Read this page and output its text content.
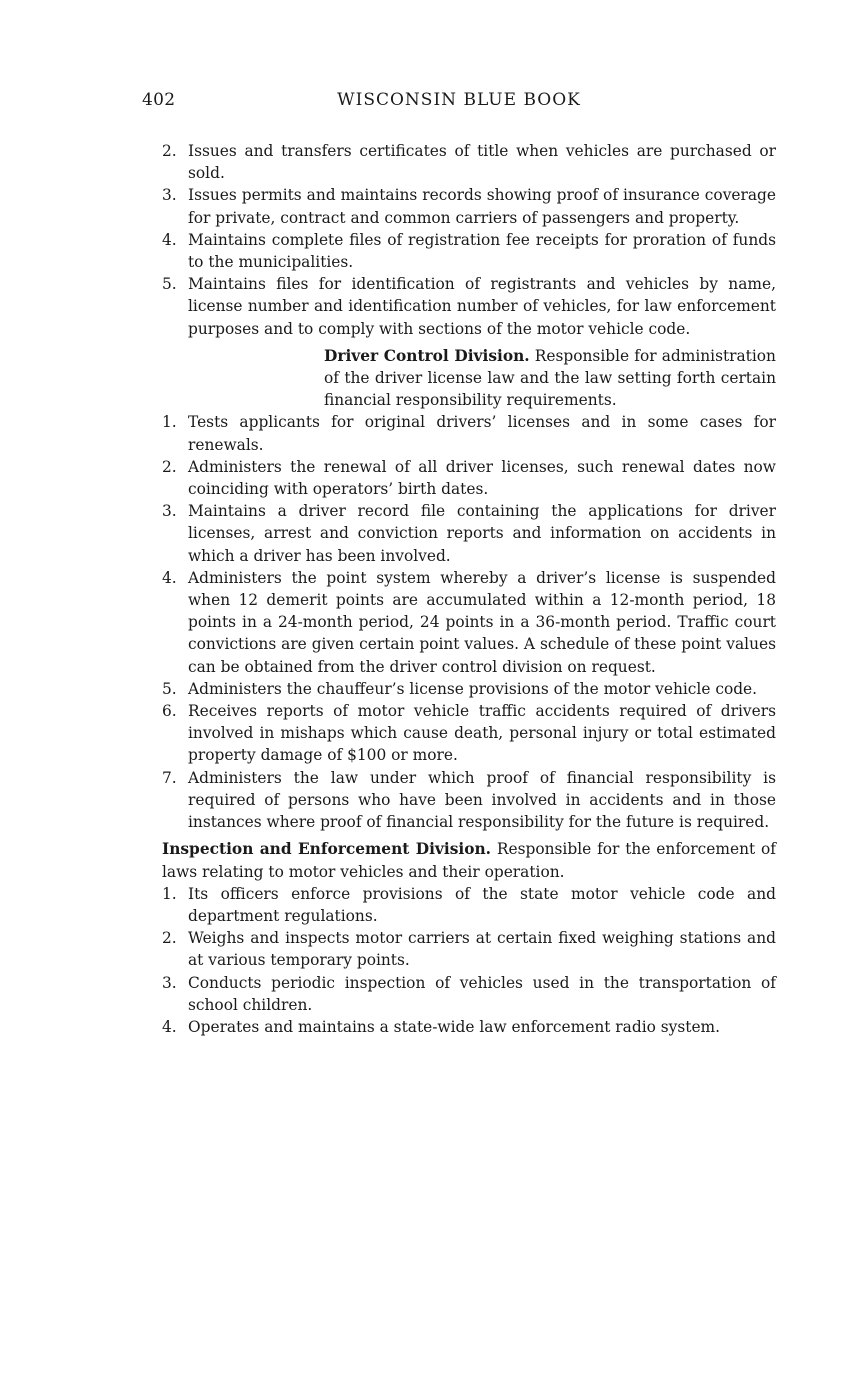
402	WISCONSIN BLUE BOOK
2. Issues and transfers certificates of title when vehicles are purchased or sold.
3. Issues permits and maintains records showing proof of insurance coverage for private, contract and common carriers of passengers and property.
4. Maintains complete files of registration fee receipts for proration of funds to the municipalities.
5. Maintains files for identification of registrants and vehicles by name, license number and identification number of vehicles, for law enforcement purposes and to comply with sections of the motor vehicle code.

Driver Control Division. Responsible for administration of the driver license law and the law setting forth certain financial responsibility requirements.

1. Tests applicants for original drivers’ licenses and in some cases for renewals.
2. Administers the renewal of all driver licenses, such renewal dates now coinciding with operators’ birth dates.
3. Maintains a driver record file containing the applications for driver licenses, arrest and conviction reports and information on accidents in which a driver has been involved.
4. Administers the point system whereby a driver’s license is suspended when 12 demerit points are accumulated within a 12-month period, 18 points in a 24-month period, 24 points in a 36-month period. Traffic court convictions are given certain point values. A schedule of these point values can be obtained from the driver control division on request.
5. Administers the chauffeur’s license provisions of the motor vehicle code.
6. Receives reports of motor vehicle traffic accidents required of drivers involved in mishaps which cause death, personal injury or total estimated property damage of $100 or more.
7. Administers the law under which proof of financial responsibility is required of persons who have been involved in accidents and in those instances where proof of financial responsibility for the future is required.

Inspection and Enforcement Division. Responsible for the enforcement of laws relating to motor vehicles and their operation.

1. Its officers enforce provisions of the state motor vehicle code and department regulations.
2. Weighs and inspects motor carriers at certain fixed weighing stations and at various temporary points.
3. Conducts periodic inspection of vehicles used in the transportation of school children.
4. Operates and maintains a state-wide law enforcement radio system.
